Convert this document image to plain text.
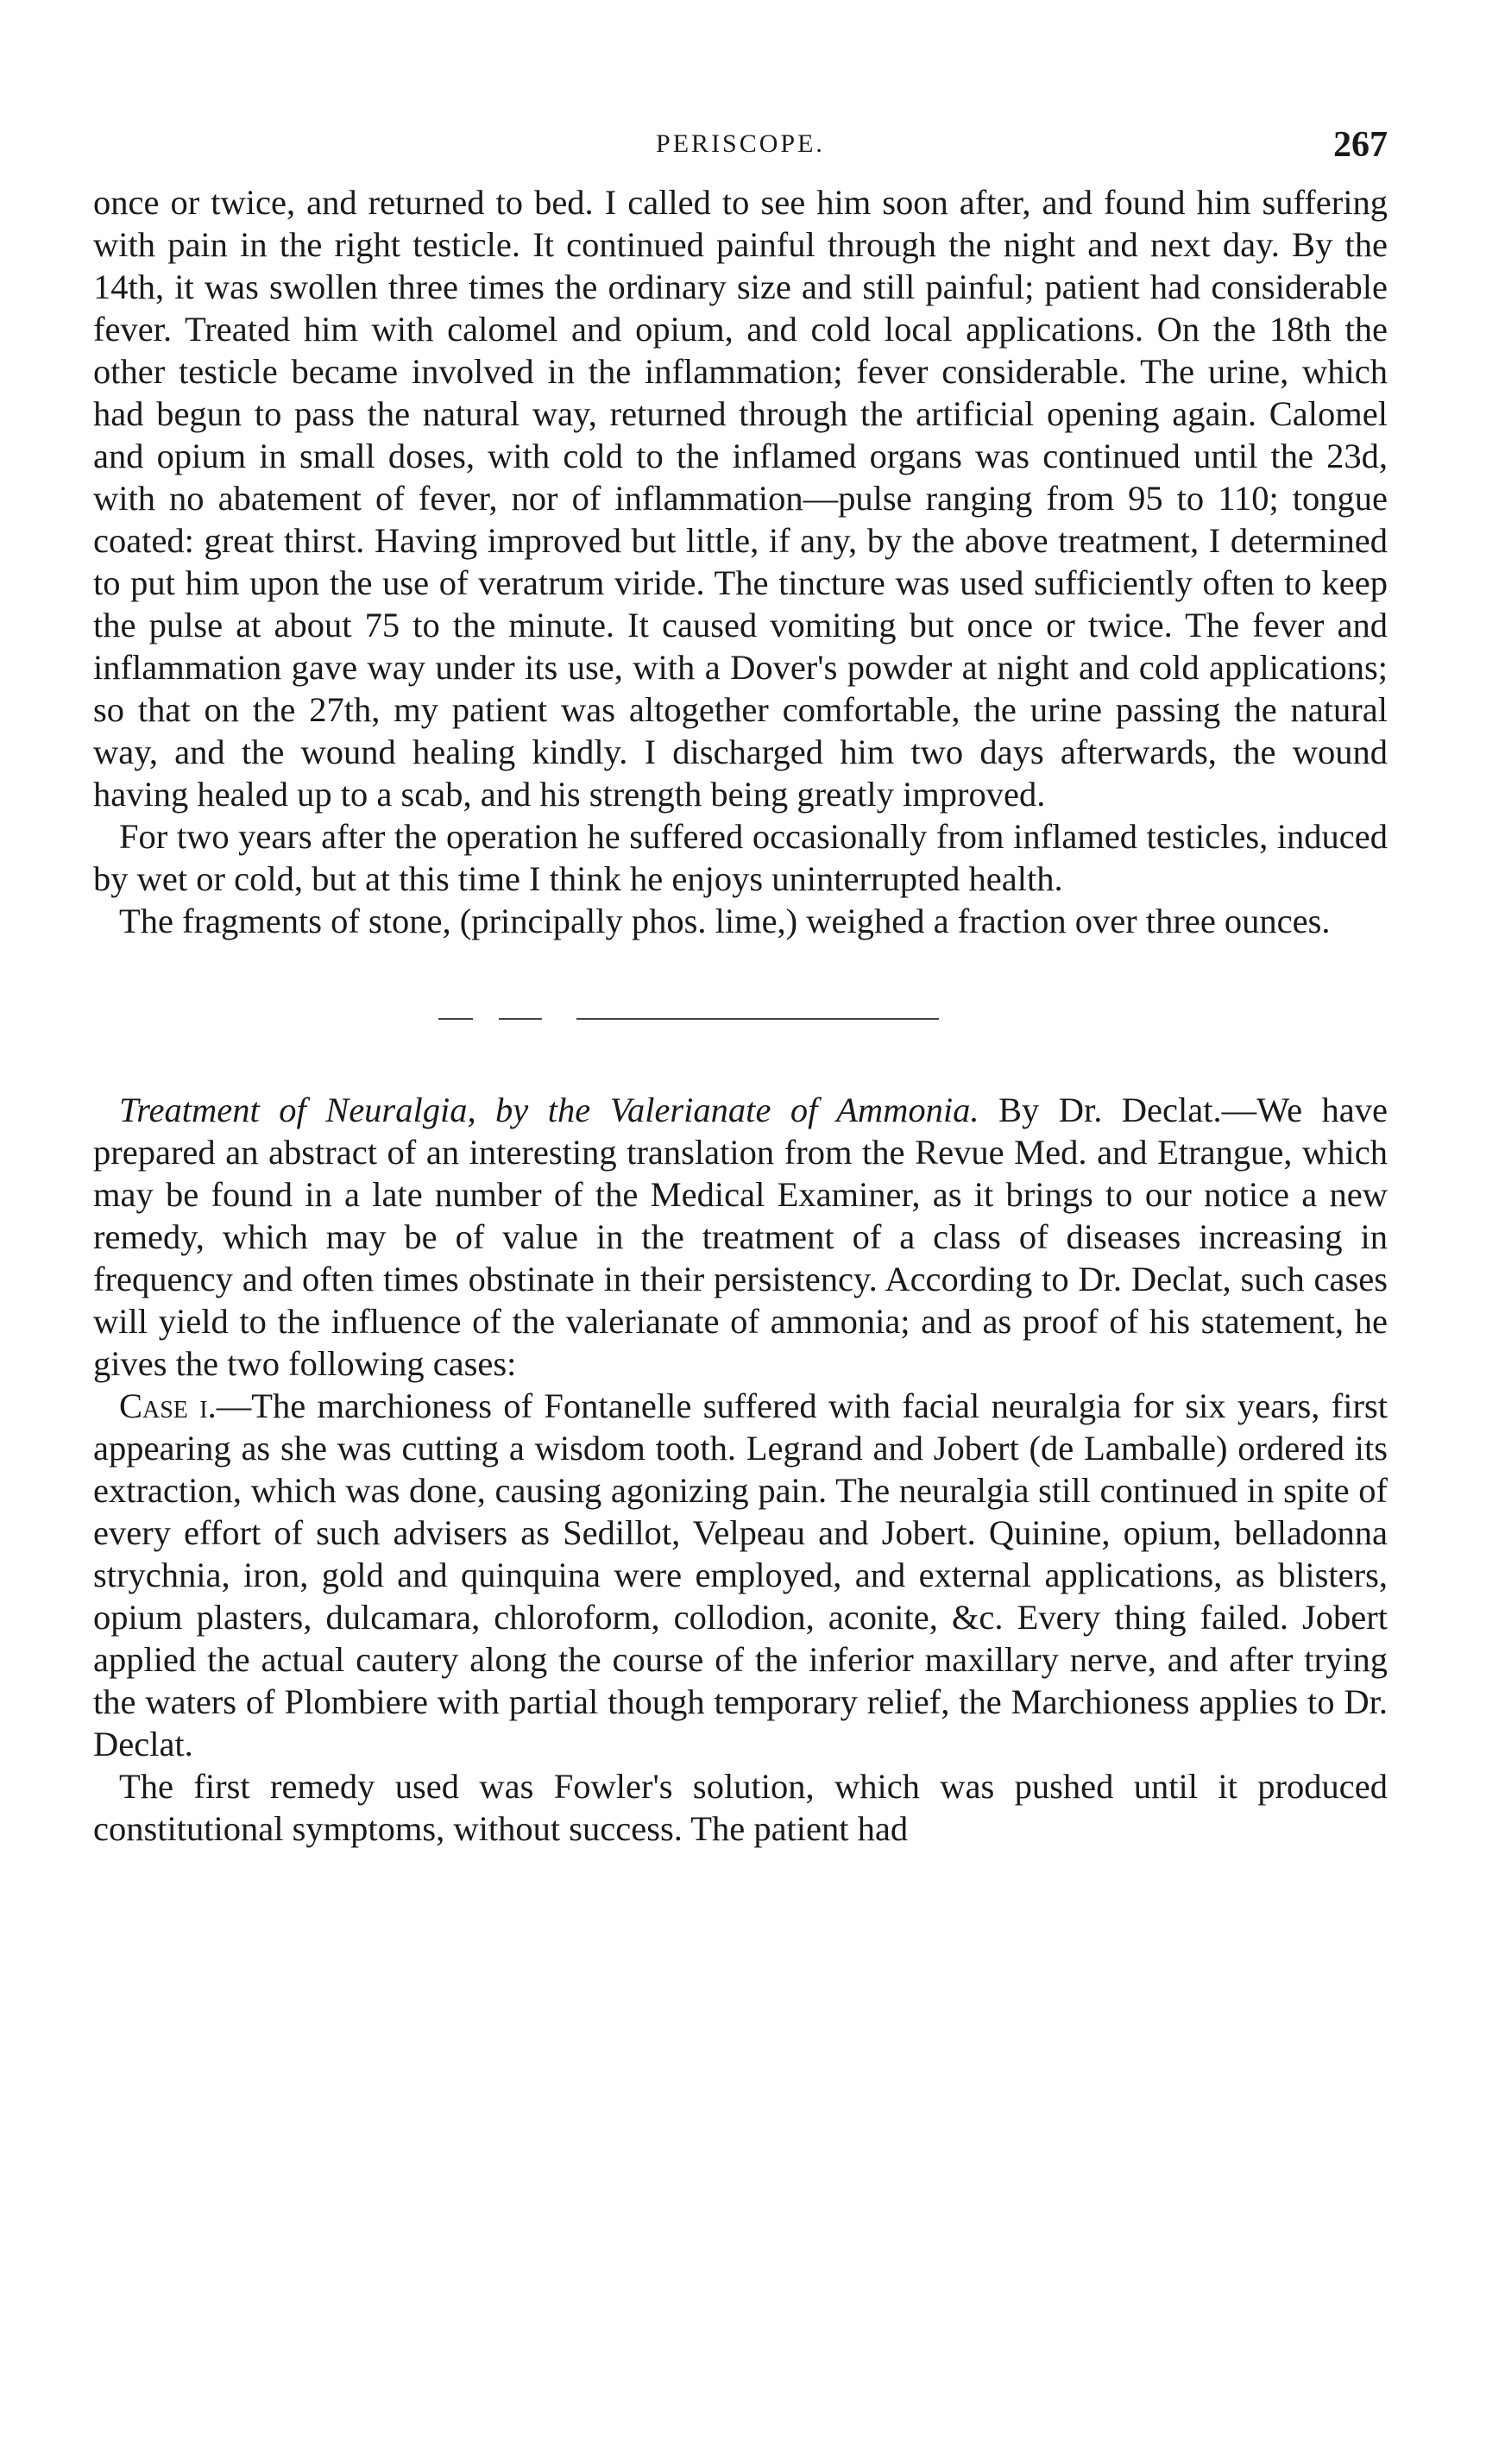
PERISCOPE.	267

once or twice, and returned to bed. I called to see him soon after, and found him suffering with pain in the right testicle. It continued painful through the night and next day. By the 14th, it was swollen three times the ordinary size and still painful; patient had considerable fever. Treated him with calomel and opium, and cold local applications. On the 18th the other testicle became involved in the inflammation; fever considerable. The urine, which had begun to pass the natural way, returned through the artificial opening again. Calomel and opium in small doses, with cold to the inflamed organs was continued until the 23d, with no abatement of fever, nor of inflammation—pulse ranging from 95 to 110; tongue coated: great thirst. Having improved but little, if any, by the above treatment, I determined to put him upon the use of veratrum viride. The tincture was used sufficiently often to keep the pulse at about 75 to the minute. It caused vomiting but once or twice. The fever and inflammation gave way under its use, with a Dover's powder at night and cold applications; so that on the 27th, my patient was altogether comfortable, the urine passing the natural way, and the wound healing kindly. I discharged him two days afterwards, the wound having healed up to a scab, and his strength being greatly improved.

For two years after the operation he suffered occasionally from inflamed testicles, induced by wet or cold, but at this time I think he enjoys uninterrupted health.

The fragments of stone, (principally phos. lime,) weighed a fraction over three ounces.

Treatment of Neuralgia, by the Valerianate of Ammonia. By Dr. Declat.—We have prepared an abstract of an interesting translation from the Revue Med. and Etrangue, which may be found in a late number of the Medical Examiner, as it brings to our notice a new remedy, which may be of value in the treatment of a class of diseases increasing in frequency and often times obstinate in their persistency. According to Dr. Declat, such cases will yield to the influence of the valerianate of ammonia; and as proof of his statement, he gives the two following cases:

Case i.—The marchioness of Fontanelle suffered with facial neuralgia for six years, first appearing as she was cutting a wisdom tooth. Legrand and Jobert (de Lamballe) ordered its extraction, which was done, causing agonizing pain. The neuralgia still continued in spite of every effort of such advisers as Sedillot, Velpeau and Jobert. Quinine, opium, belladonna strychnia, iron, gold and quinquina were employed, and external applications, as blisters, opium plasters, dulcamara, chloroform, collodion, aconite, &c. Every thing failed. Jobert applied the actual cautery along the course of the inferior maxillary nerve, and after trying the waters of Plombiere with partial though temporary relief, the Marchioness applies to Dr. Declat.

The first remedy used was Fowler's solution, which was pushed until it produced constitutional symptoms, without success. The patient had
